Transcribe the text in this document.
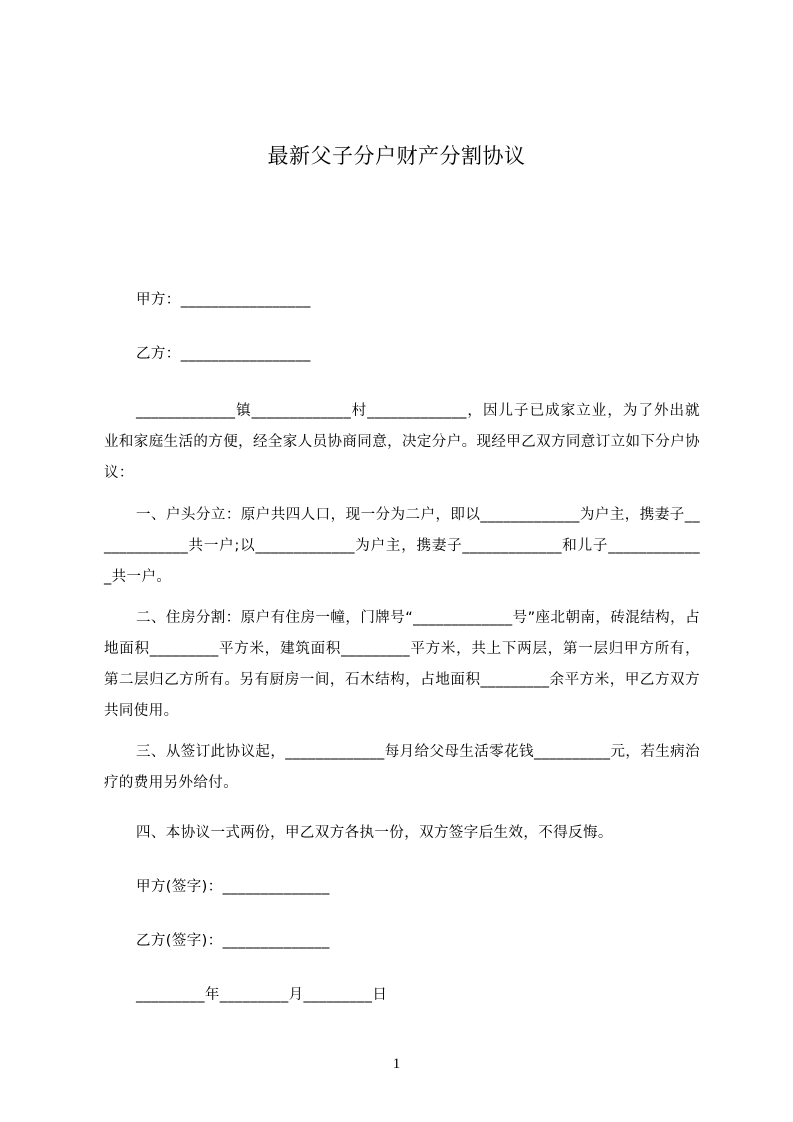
最新父子分户财产分割协议
甲方：_________________
乙方：_________________
_____________镇_____________村_____________，因儿子已成家立业，为了外出就业和家庭生活的方便，经全家人员协商同意，决定分户。现经甲乙双方同意订立如下分户协议：
一、户头分立：原户共四人口，现一分为二户，即以_____________为户主，携妻子_____________共一户;以_____________为户主，携妻子_____________和儿子_____________共一户。
二、住房分割：原户有住房一幢，门牌号“_____________号”座北朝南，砖混结构，占地面积_________平方米，建筑面积_________平方米，共上下两层，第一层归甲方所有，第二层归乙方所有。另有厨房一间，石木结构，占地面积_________余平方米，甲乙方双方共同使用。
三、从签订此协议起，_____________每月给父母生活零花钱__________元，若生病治疗的费用另外给付。
四、本协议一式两份，甲乙双方各执一份，双方签字后生效，不得反悔。
甲方(签字)：______________
乙方(签字)：______________
_________年_________月_________日
1
